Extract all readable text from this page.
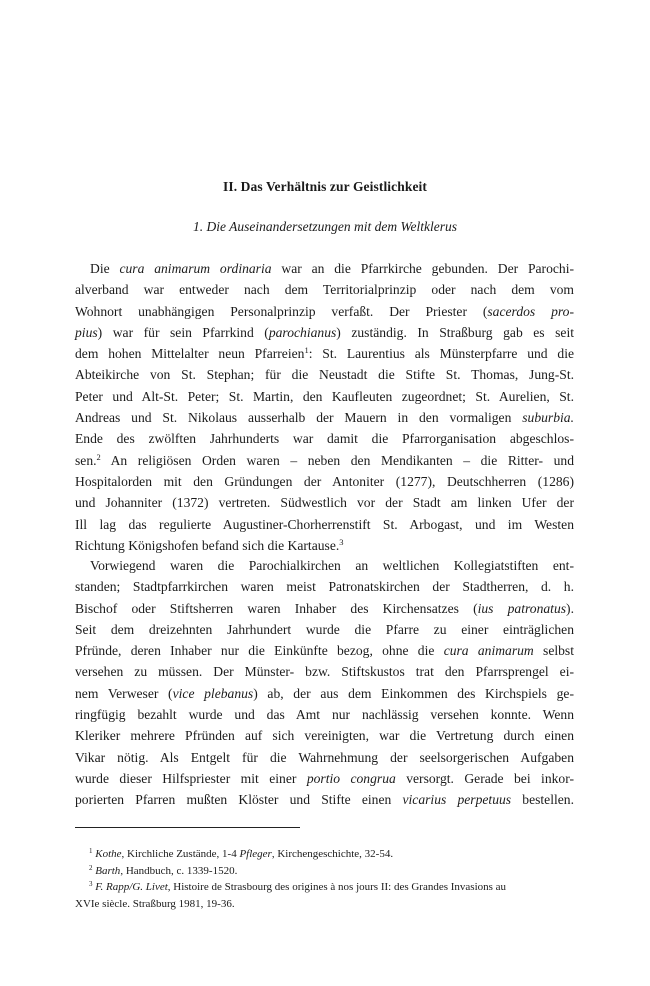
II. Das Verhältnis zur Geistlichkeit
1. Die Auseinandersetzungen mit dem Weltklerus
Die cura animarum ordinaria war an die Pfarrkirche gebunden. Der Parochi-
alverband war entweder nach dem Territorialprinzip oder nach dem vom
Wohnort unabhängigen Personalprinzip verfaßt. Der Priester (sacerdos pro-
pius) war für sein Pfarrkind (parochianus) zuständig. In Straßburg gab es seit
dem hohen Mittelalter neun Pfarreien$^1$: St. Laurentius als Münsterpfarre und die
Abteikirche von St. Stephan; für die Neustadt die Stifte St. Thomas, Jung-St.
Peter und Alt-St. Peter; St. Martin, den Kaufleuten zugeordnet; St. Aurelien, St.
Andreas und St. Nikolaus ausserhalb der Mauern in den vormaligen suburbia.
Ende des zwölften Jahrhunderts war damit die Pfarrorganisation abgeschlos-
sen.$^2$ An religiösen Orden waren – neben den Mendikanten – die Ritter- und
Hospitalorden mit den Gründungen der Antoniter (1277), Deutschherren (1286)
und Johanniter (1372) vertreten. Südwestlich vor der Stadt am linken Ufer der
Ill lag das regulierte Augustiner-Chorherrenstift St. Arbogast, und im Westen
Richtung Königshofen befand sich die Kartause.$^3$
Vorwiegend waren die Parochialkirchen an weltlichen Kollegiatstiften ent-
standen; Stadtpfarrkirchen waren meist Patronatskirchen der Stadtherren, d. h.
Bischof oder Stiftsherren waren Inhaber des Kirchensatzes (ius patronatus).
Seit dem dreizehnten Jahrhundert wurde die Pfarre zu einer einträglichen
Pfründe, deren Inhaber nur die Einkünfte bezog, ohne die cura animarum selbst
versehen zu müssen. Der Münster- bzw. Stiftskustos trat den Pfarrsprengel ei-
nem Verweser (vice plebanus) ab, der aus dem Einkommen des Kirchspiels ge-
ringfügig bezahlt wurde und das Amt nur nachlässig versehen konnte. Wenn
Kleriker mehrere Pfründen auf sich vereinigten, war die Vertretung durch einen
Vikar nötig. Als Entgelt für die Wahrnehmung der seelsorgerischen Aufgaben
wurde dieser Hilfspriester mit einer portio congrua versorgt. Gerade bei inkor-
porierten Pfarren mußten Klöster und Stifte einen vicarius perpetuus bestellen.
$^1$ Kothe, Kirchliche Zustände, 1-4 Pfleger, Kirchengeschichte, 32-54.
$^2$ Barth, Handbuch, c. 1339-1520.
$^3$ F. Rapp/G. Livet, Histoire de Strasbourg des origines à nos jours II: des Grandes Invasions au
XVIe siècle. Straßburg 1981, 19-36.
